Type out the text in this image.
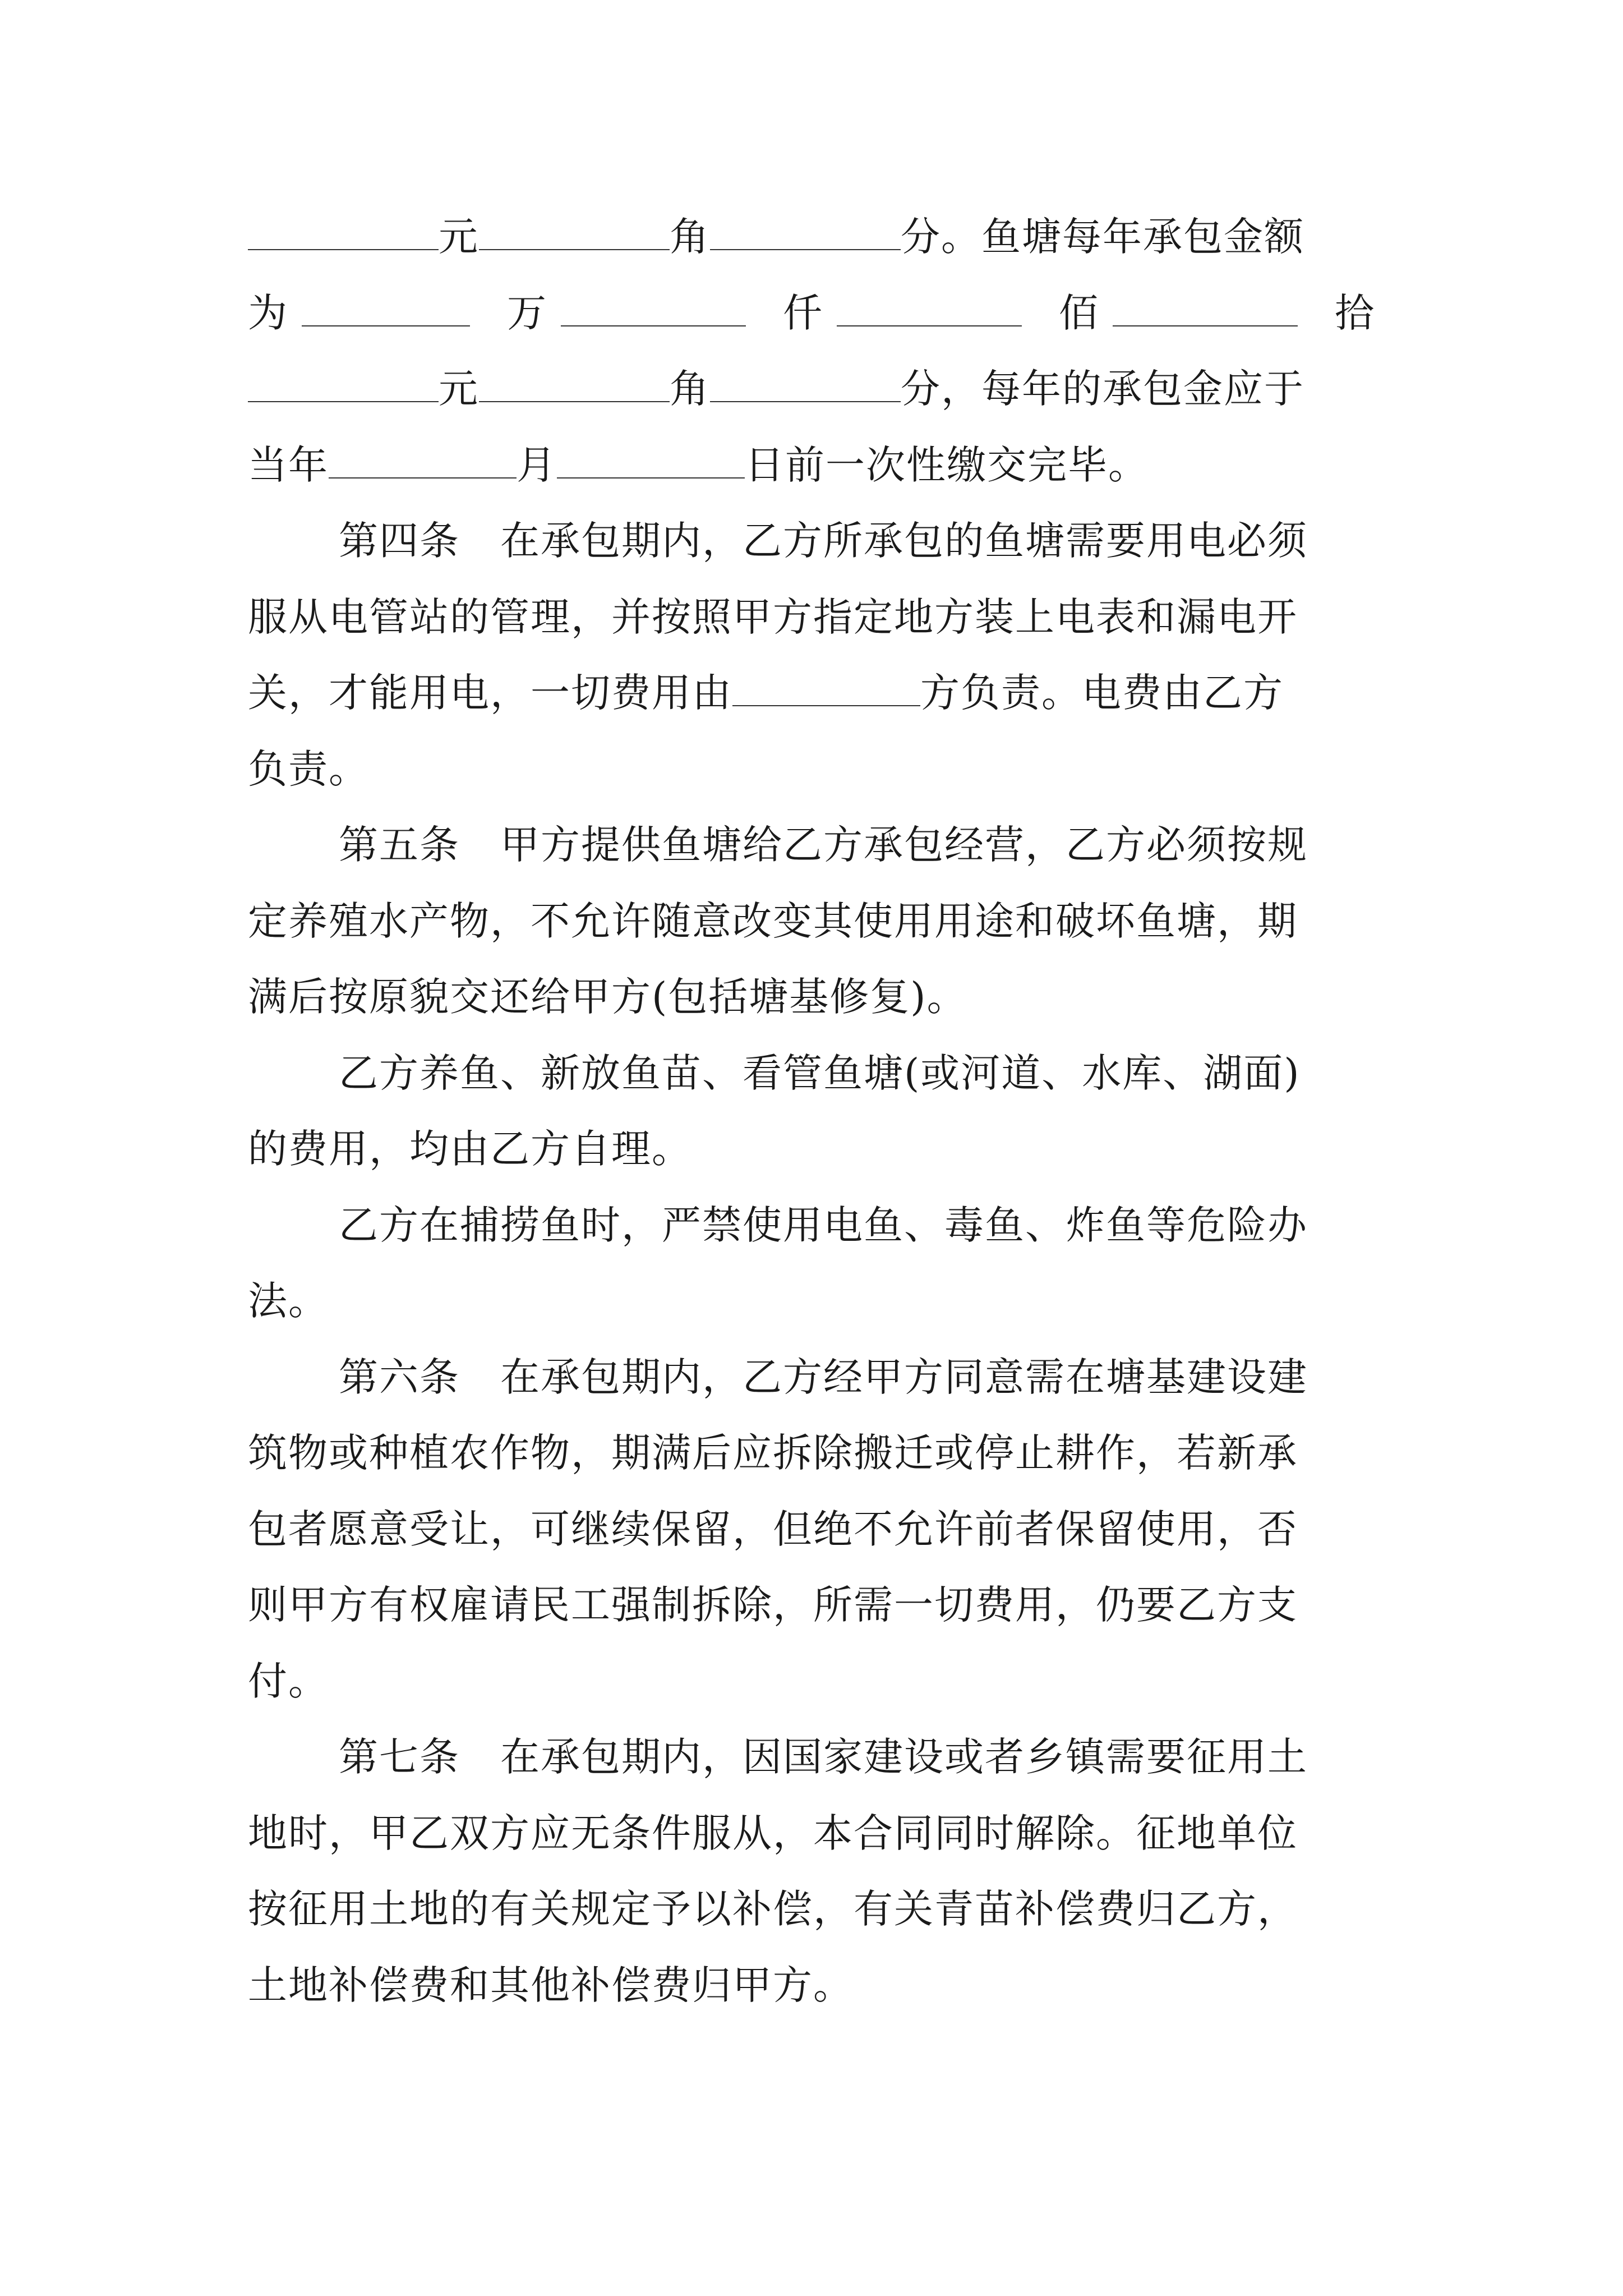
元	角	分。鱼塘每年承包金额
为	万	仟	佰	拾
元	角	分，每年的承包金应于
当年	月	日前一次性缴交完毕。
第四条　在承包期内，乙方所承包的鱼塘需要用电必须
服从电管站的管理，并按照甲方指定地方装上电表和漏电开
关，才能用电，一切费用由	方负责。电费由乙方
负责。
第五条　甲方提供鱼塘给乙方承包经营，乙方必须按规
定养殖水产物，不允许随意改变其使用用途和破坏鱼塘，期
满后按原貌交还给甲方(包括塘基修复)。
乙方养鱼、新放鱼苗、看管鱼塘(或河道、水库、湖面)
的费用，均由乙方自理。
乙方在捕捞鱼时，严禁使用电鱼、毒鱼、炸鱼等危险办
法。
第六条　在承包期内，乙方经甲方同意需在塘基建设建
筑物或种植农作物，期满后应拆除搬迁或停止耕作，若新承
包者愿意受让，可继续保留，但绝不允许前者保留使用，否
则甲方有权雇请民工强制拆除，所需一切费用，仍要乙方支
付。
第七条　在承包期内，因国家建设或者乡镇需要征用土
地时，甲乙双方应无条件服从，本合同同时解除。征地单位
按征用土地的有关规定予以补偿，有关青苗补偿费归乙方，
土地补偿费和其他补偿费归甲方。
